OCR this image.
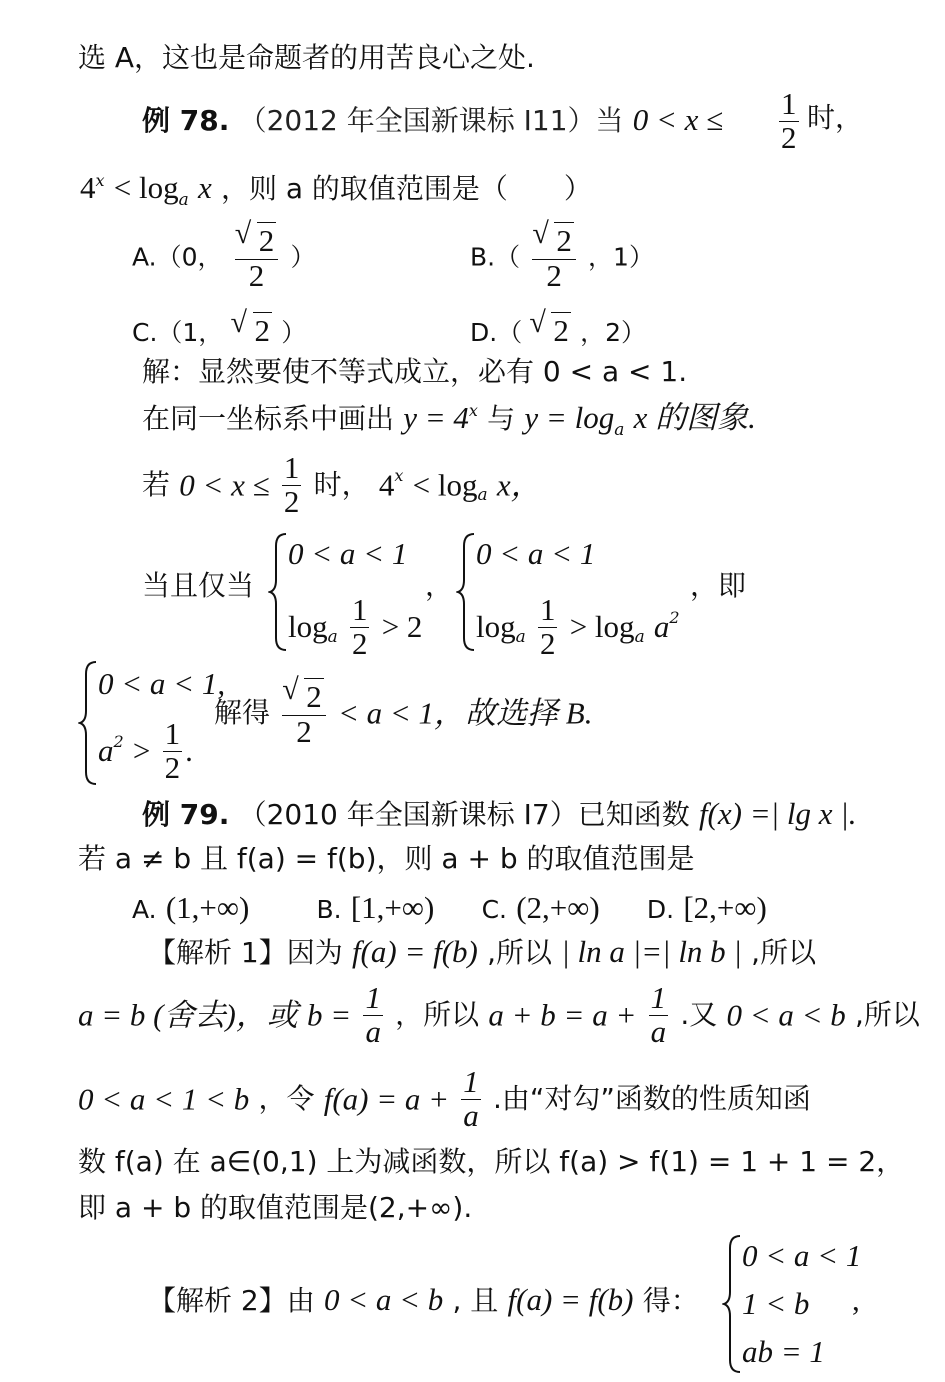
选 A，这也是命题者的用苦良心之处.
例 78. （2012 年全国新课标 I11）当 $0 < x \le \frac{1}{2}$ 时，
$4^x < \log_a x$ ，则 a 的取值范围是（　　）
A.（0， √ $\frac{2}{2}$ ）	B.（ √ $\frac{2}{2}$ ，1）
C.（1， √ 2 ）	D.（ √ 2 ，2）
解：显然要使不等式成立，必有 0 < a < 1.
在同一坐标系中画出 $y = 4^x$ 与 $y = \log_a x$ 的图象.
若 $0 < x \le \frac{1}{2}$ 时， $4^x < \log_a x$，
当且仅当
0 < a < 1
$\log_a \frac{1}{2} > 2$
，
0 < a < 1
$\log_a \frac{1}{2} > \log_a a^2$
，即
0 < a < 1,
$a^2 > \frac{1}{2}$ .
解得 √ $\frac{2}{2} < a < 1$，故选择 B.
例 79. （2010 年全国新课标 I7）已知函数 f(x) =| lg x |.
若 a ≠ b 且 f(a) = f(b)，则 a + b 的取值范围是
A. (1,+∞)	B. [1,+∞) C. (2,+∞) D. [2,+∞)
【解析 1】因为 f(a) = f(b) ,所以 | ln a |=| ln b | ,所以
a = b (舍去)，或 $b = \frac{1}{a}$ ，所以 $a + b = a + \frac{1}{a}$ .又 0 < a < b ,所以
0 < a < 1 < b ，令 $f(a) = a + \frac{1}{a}$ .由“对勾”函数的性质知函
数 f(a) 在 a∈(0,1) 上为减函数，所以 f(a) > f(1) = 1 + 1 = 2，
即 a + b 的取值范围是(2,+∞).
【解析 2】由 0 < a < b , 且 f(a) = f(b) 得：
0 < a < 1
1 < b
ab = 1
,
